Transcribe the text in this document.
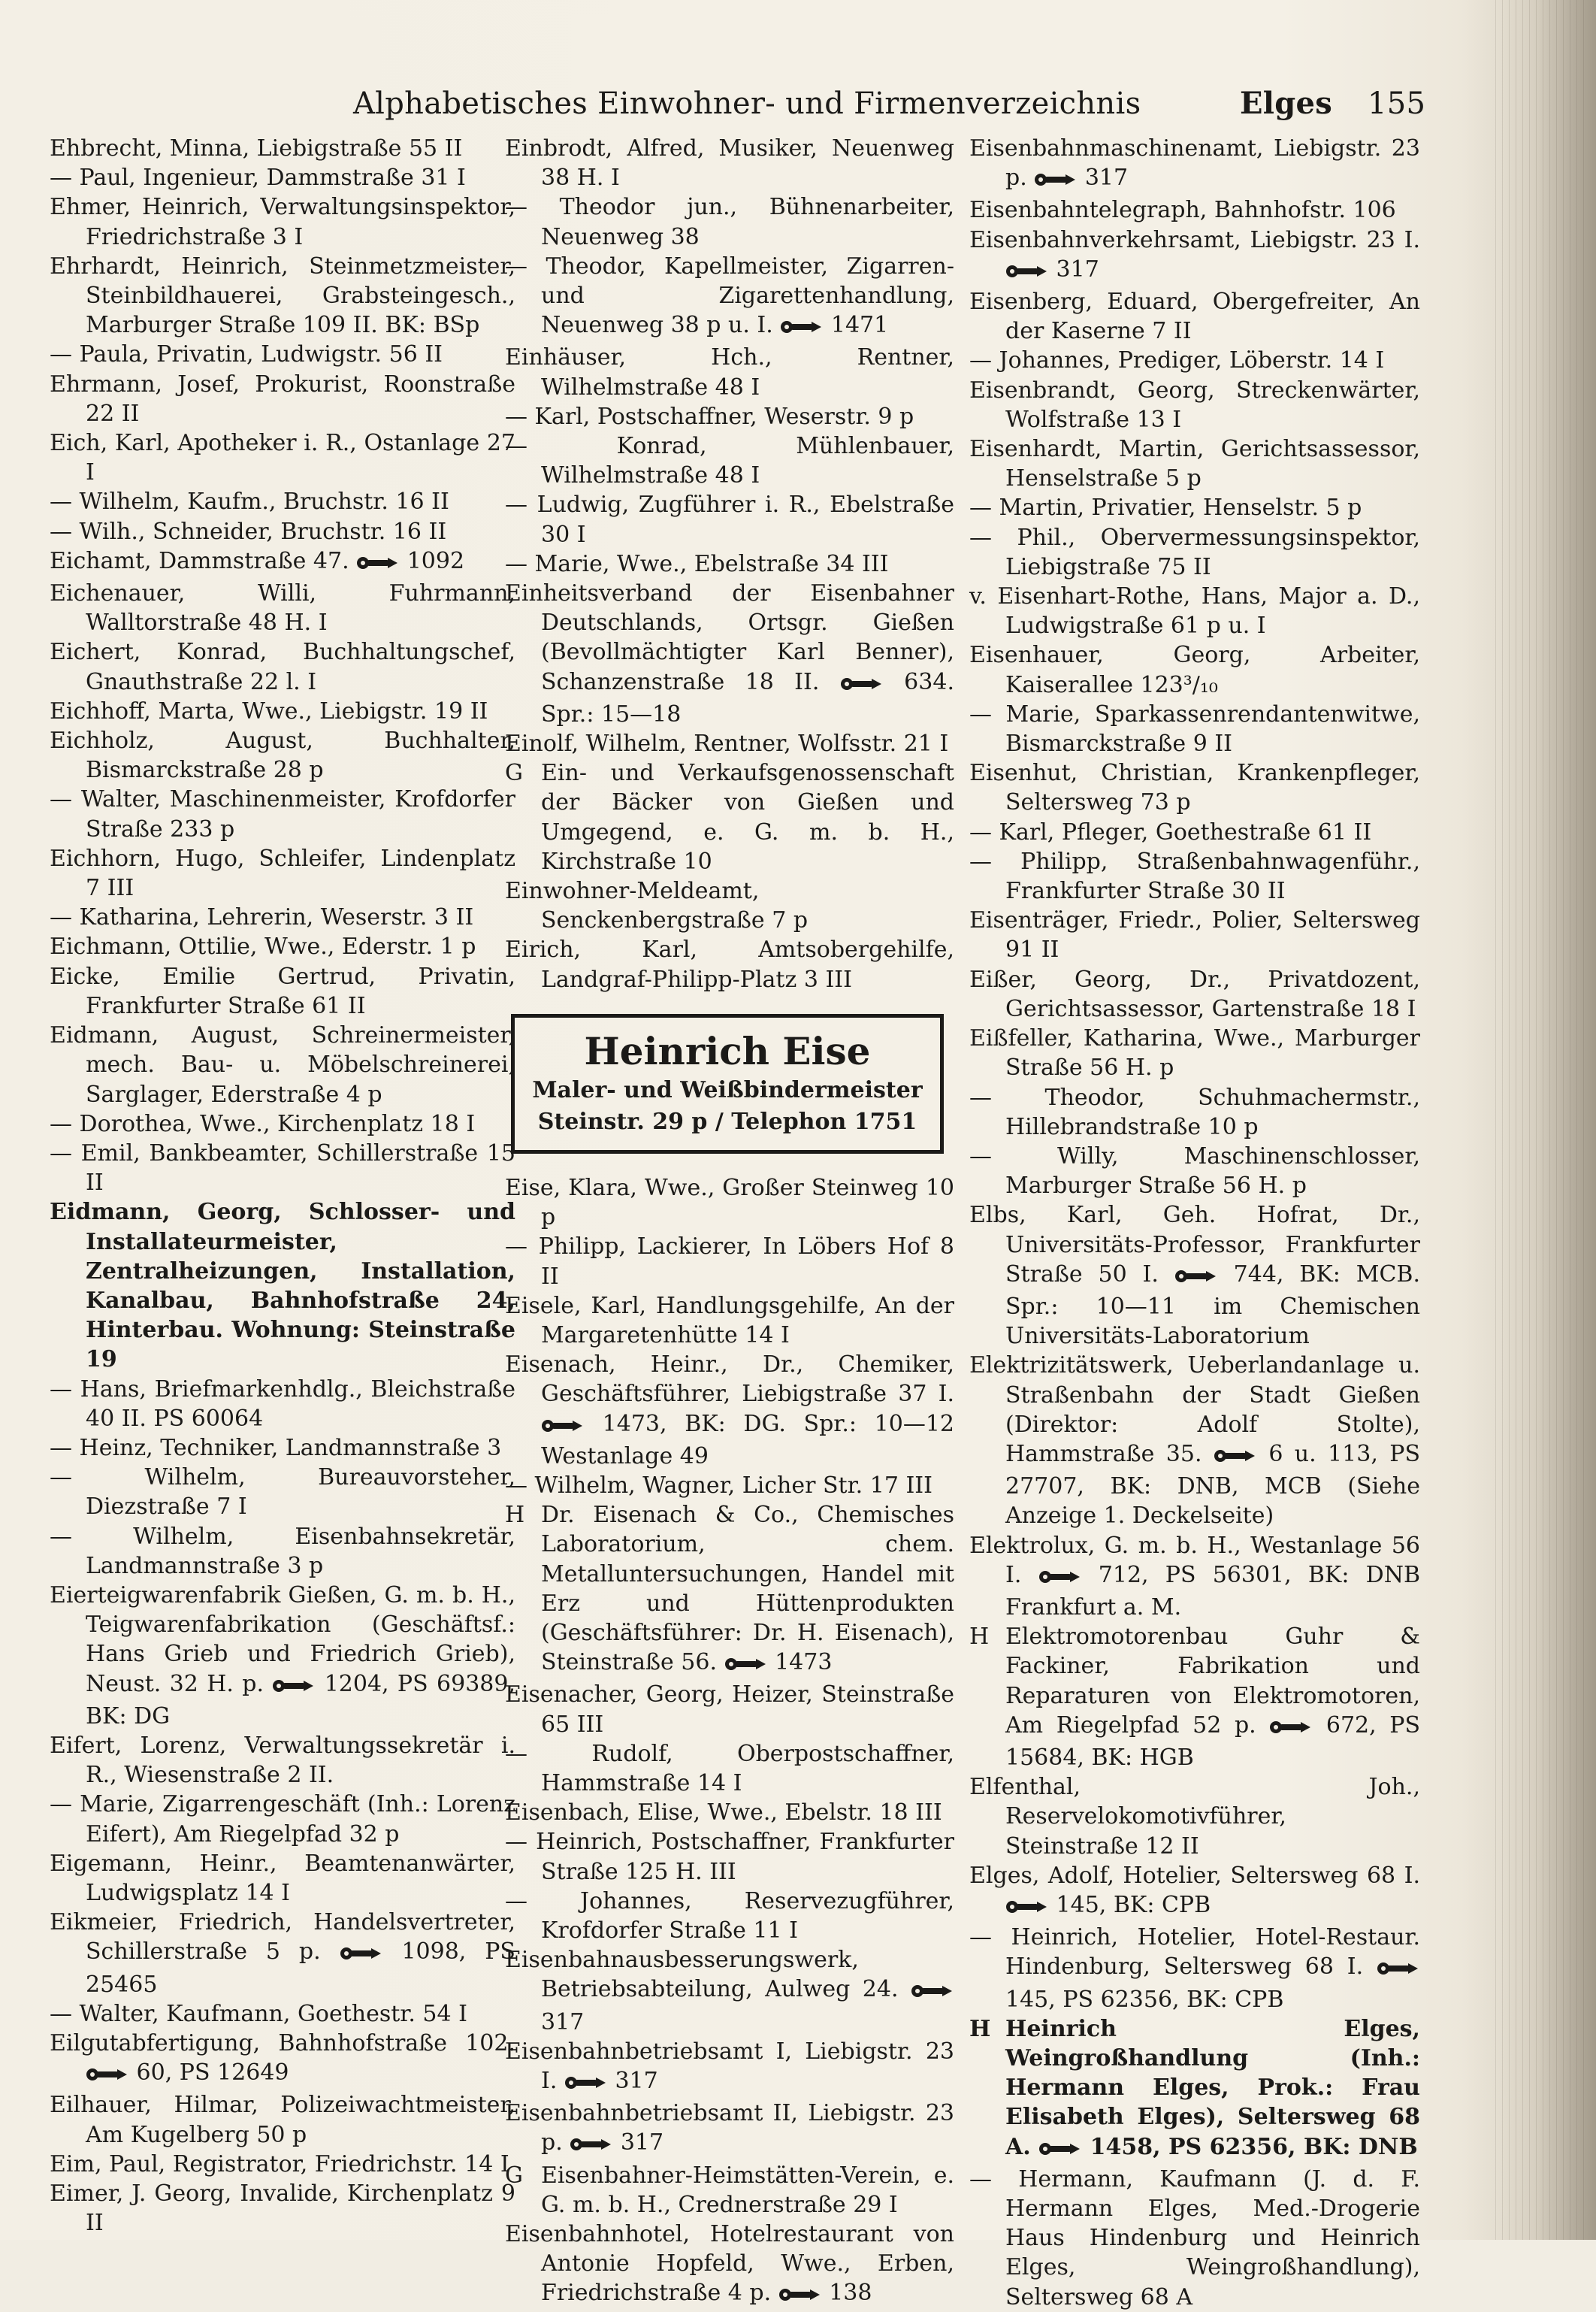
Alphabetisches Einwohner- und Firmenverzeichnis	Elges 155

Ehbrecht, Minna, Liebigstraße 55 II

— Paul, Ingenieur, Dammstraße 31 I

Ehmer, Heinrich, Verwaltungsinspektor, Friedrichstraße 3 I

Ehrhardt, Heinrich, Steinmetzmeister, Steinbildhauerei, Grabsteingesch., Marburger Straße 109 II. BK: BSp

— Paula, Privatin, Ludwigstr. 56 II

Ehrmann, Josef, Prokurist, Roonstraße 22 II

Eich, Karl, Apotheker i. R., Ostanlage 27 I

— Wilhelm, Kaufm., Bruchstr. 16 II

— Wilh., Schneider, Bruchstr. 16 II

Eichamt, Dammstraße 47.  1092

Eichenauer, Willi, Fuhrmann, Walltorstraße 48 H. I

Eichert, Konrad, Buchhaltungschef, Gnauthstraße 22 l. I

Eichhoff, Marta, Wwe., Liebigstr. 19 II

Eichholz, August, Buchhalter, Bismarckstraße 28 p

— Walter, Maschinenmeister, Krofdorfer Straße 233 p

Eichhorn, Hugo, Schleifer, Lindenplatz 7 III

— Katharina, Lehrerin, Weserstr. 3 II

Eichmann, Ottilie, Wwe., Ederstr. 1 p

Eicke, Emilie Gertrud, Privatin, Frankfurter Straße 61 II

Eidmann, August, Schreinermeister, mech. Bau- u. Möbelschreinerei, Sarglager, Ederstraße 4 p

— Dorothea, Wwe., Kirchenplatz 18 I

— Emil, Bankbeamter, Schillerstraße 15 II

Eidmann, Georg, Schlosser- und Installateurmeister, Zentralheizungen, Installation, Kanalbau, Bahnhofstraße 24, Hinterbau. Wohnung: Steinstraße 19

— Hans, Briefmarkenhdlg., Bleichstraße 40 II. PS 60064

— Heinz, Techniker, Landmannstraße 3

— Wilhelm, Bureauvorsteher, Diezstraße 7 I

— Wilhelm, Eisenbahnsekretär, Landmannstraße 3 p

Eierteigwarenfabrik Gießen, G. m. b. H., Teigwarenfabrikation (Geschäftsf.: Hans Grieb und Friedrich Grieb), Neust. 32 H. p.  1204, PS 69389, BK: DG

Eifert, Lorenz, Verwaltungssekretär i. R., Wiesenstraße 2 II.

— Marie, Zigarrengeschäft (Inh.: Lorenz Eifert), Am Riegelpfad 32 p

Eigemann, Heinr., Beamtenanwärter, Ludwigsplatz 14 I

Eikmeier, Friedrich, Handelsvertreter, Schillerstraße 5 p.  1098, PS 25465

— Walter, Kaufmann, Goethestr. 54 I

Eilgutabfertigung, Bahnhofstraße 102.  60, PS 12649

Eilhauer, Hilmar, Polizeiwachtmeister, Am Kugelberg 50 p

Eim, Paul, Registrator, Friedrichstr. 14 I

Eimer, J. Georg, Invalide, Kirchenplatz 9 II

Einbrodt, Alfred, Musiker, Neuenweg 38 H. I

— Theodor jun., Bühnenarbeiter, Neuenweg 38

— Theodor, Kapellmeister, Zigarren- und Zigarettenhandlung, Neuenweg 38 p u. I.  1471

Einhäuser, Hch., Rentner, Wilhelmstraße 48 I

— Karl, Postschaffner, Weserstr. 9 p

— Konrad, Mühlenbauer, Wilhelmstraße 48 I

— Ludwig, Zugführer i. R., Ebelstraße 30 I

— Marie, Wwe., Ebelstraße 34 III

Einheitsverband der Eisenbahner Deutschlands, Ortsgr. Gießen (Bevollmächtigter Karl Benner), Schanzenstraße 18 II.  634. Spr.: 15—18

Einolf, Wilhelm, Rentner, Wolfsstr. 21 I

G Ein- und Verkaufsgenossenschaft der Bäcker von Gießen und Umgegend, e. G. m. b. H., Kirchstraße 10

Einwohner-Meldeamt, Senckenbergstraße 7 p

Eirich, Karl, Amtsobergehilfe, Landgraf-Philipp-Platz 3 III

Heinrich Eise
Maler- und Weißbindermeister
Steinstr. 29 p / Telephon 1751

Eise, Klara, Wwe., Großer Steinweg 10 p

— Philipp, Lackierer, In Löbers Hof 8 II

Eisele, Karl, Handlungsgehilfe, An der Margaretenhütte 14 I

Eisenach, Heinr., Dr., Chemiker, Geschäftsführer, Liebigstraße 37 I.  1473, BK: DG. Spr.: 10—12 Westanlage 49

— Wilhelm, Wagner, Licher Str. 17 III

H Dr. Eisenach & Co., Chemisches Laboratorium, chem. Metalluntersuchungen, Handel mit Erz und Hüttenprodukten (Geschäftsführer: Dr. H. Eisenach), Steinstraße 56.  1473

Eisenacher, Georg, Heizer, Steinstraße 65 III

— Rudolf, Oberpostschaffner, Hammstraße 14 I

Eisenbach, Elise, Wwe., Ebelstr. 18 III

— Heinrich, Postschaffner, Frankfurter Straße 125 H. III

— Johannes, Reservezugführer, Krofdorfer Straße 11 I

Eisenbahnausbesserungswerk, Betriebsabteilung, Aulweg 24.  317

Eisenbahnbetriebsamt I, Liebigstr. 23 I.  317

Eisenbahnbetriebsamt II, Liebigstr. 23 p.  317

G Eisenbahner-Heimstätten-Verein, e. G. m. b. H., Crednerstraße 29 I

Eisenbahnhotel, Hotelrestaurant von Antonie Hopfeld, Wwe., Erben, Friedrichstraße 4 p.  138

Eisenbahnmaschinenamt, Liebigstr. 23 p.  317

Eisenbahntelegraph, Bahnhofstr. 106

Eisenbahnverkehrsamt, Liebigstr. 23 I.  317

Eisenberg, Eduard, Obergefreiter, An der Kaserne 7 II

— Johannes, Prediger, Löberstr. 14 I

Eisenbrandt, Georg, Streckenwärter, Wolfstraße 13 I

Eisenhardt, Martin, Gerichtsassessor, Henselstraße 5 p

— Martin, Privatier, Henselstr. 5 p

— Phil., Obervermessungsinspektor, Liebigstraße 75 II

v. Eisenhart-Rothe, Hans, Major a. D., Ludwigstraße 61 p u. I

Eisenhauer, Georg, Arbeiter, Kaiserallee 123³/₁₀

— Marie, Sparkassenrendantenwitwe, Bismarckstraße 9 II

Eisenhut, Christian, Krankenpfleger, Seltersweg 73 p

— Karl, Pfleger, Goethestraße 61 II

— Philipp, Straßenbahnwagenführ., Frankfurter Straße 30 II

Eisenträger, Friedr., Polier, Seltersweg 91 II

Eißer, Georg, Dr., Privatdozent, Gerichtsassessor, Gartenstraße 18 I

Eißfeller, Katharina, Wwe., Marburger Straße 56 H. p

— Theodor, Schuhmachermstr., Hillebrandstraße 10 p

— Willy, Maschinenschlosser, Marburger Straße 56 H. p

Elbs, Karl, Geh. Hofrat, Dr., Universitäts-Professor, Frankfurter Straße 50 I.  744, BK: MCB. Spr.: 10—11 im Chemischen Universitäts-Laboratorium

Elektrizitätswerk, Ueberlandanlage u. Straßenbahn der Stadt Gießen (Direktor: Adolf Stolte), Hammstraße 35.  6 u. 113, PS 27707, BK: DNB, MCB (Siehe Anzeige 1. Deckelseite)

Elektrolux, G. m. b. H., Westanlage 56 I.  712, PS 56301, BK: DNB Frankfurt a. M.

H Elektromotorenbau Guhr & Fackiner, Fabrikation und Reparaturen von Elektromotoren, Am Riegelpfad 52 p.  672, PS 15684, BK: HGB

Elfenthal, Joh., Reservelokomotivführer, Steinstraße 12 II

Elges, Adolf, Hotelier, Seltersweg 68 I.  145, BK: CPB

— Heinrich, Hotelier, Hotel-Restaur. Hindenburg, Seltersweg 68 I.  145, PS 62356, BK: CPB

H Heinrich Elges, Weingroßhandlung (Inh.: Hermann Elges, Prok.: Frau Elisabeth Elges), Seltersweg 68 A.  1458, PS 62356, BK: DNB

— Hermann, Kaufmann (J. d. F. Hermann Elges, Med.-Drogerie Haus Hindenburg und Heinrich Elges, Weingroßhandlung), Seltersweg 68 A
